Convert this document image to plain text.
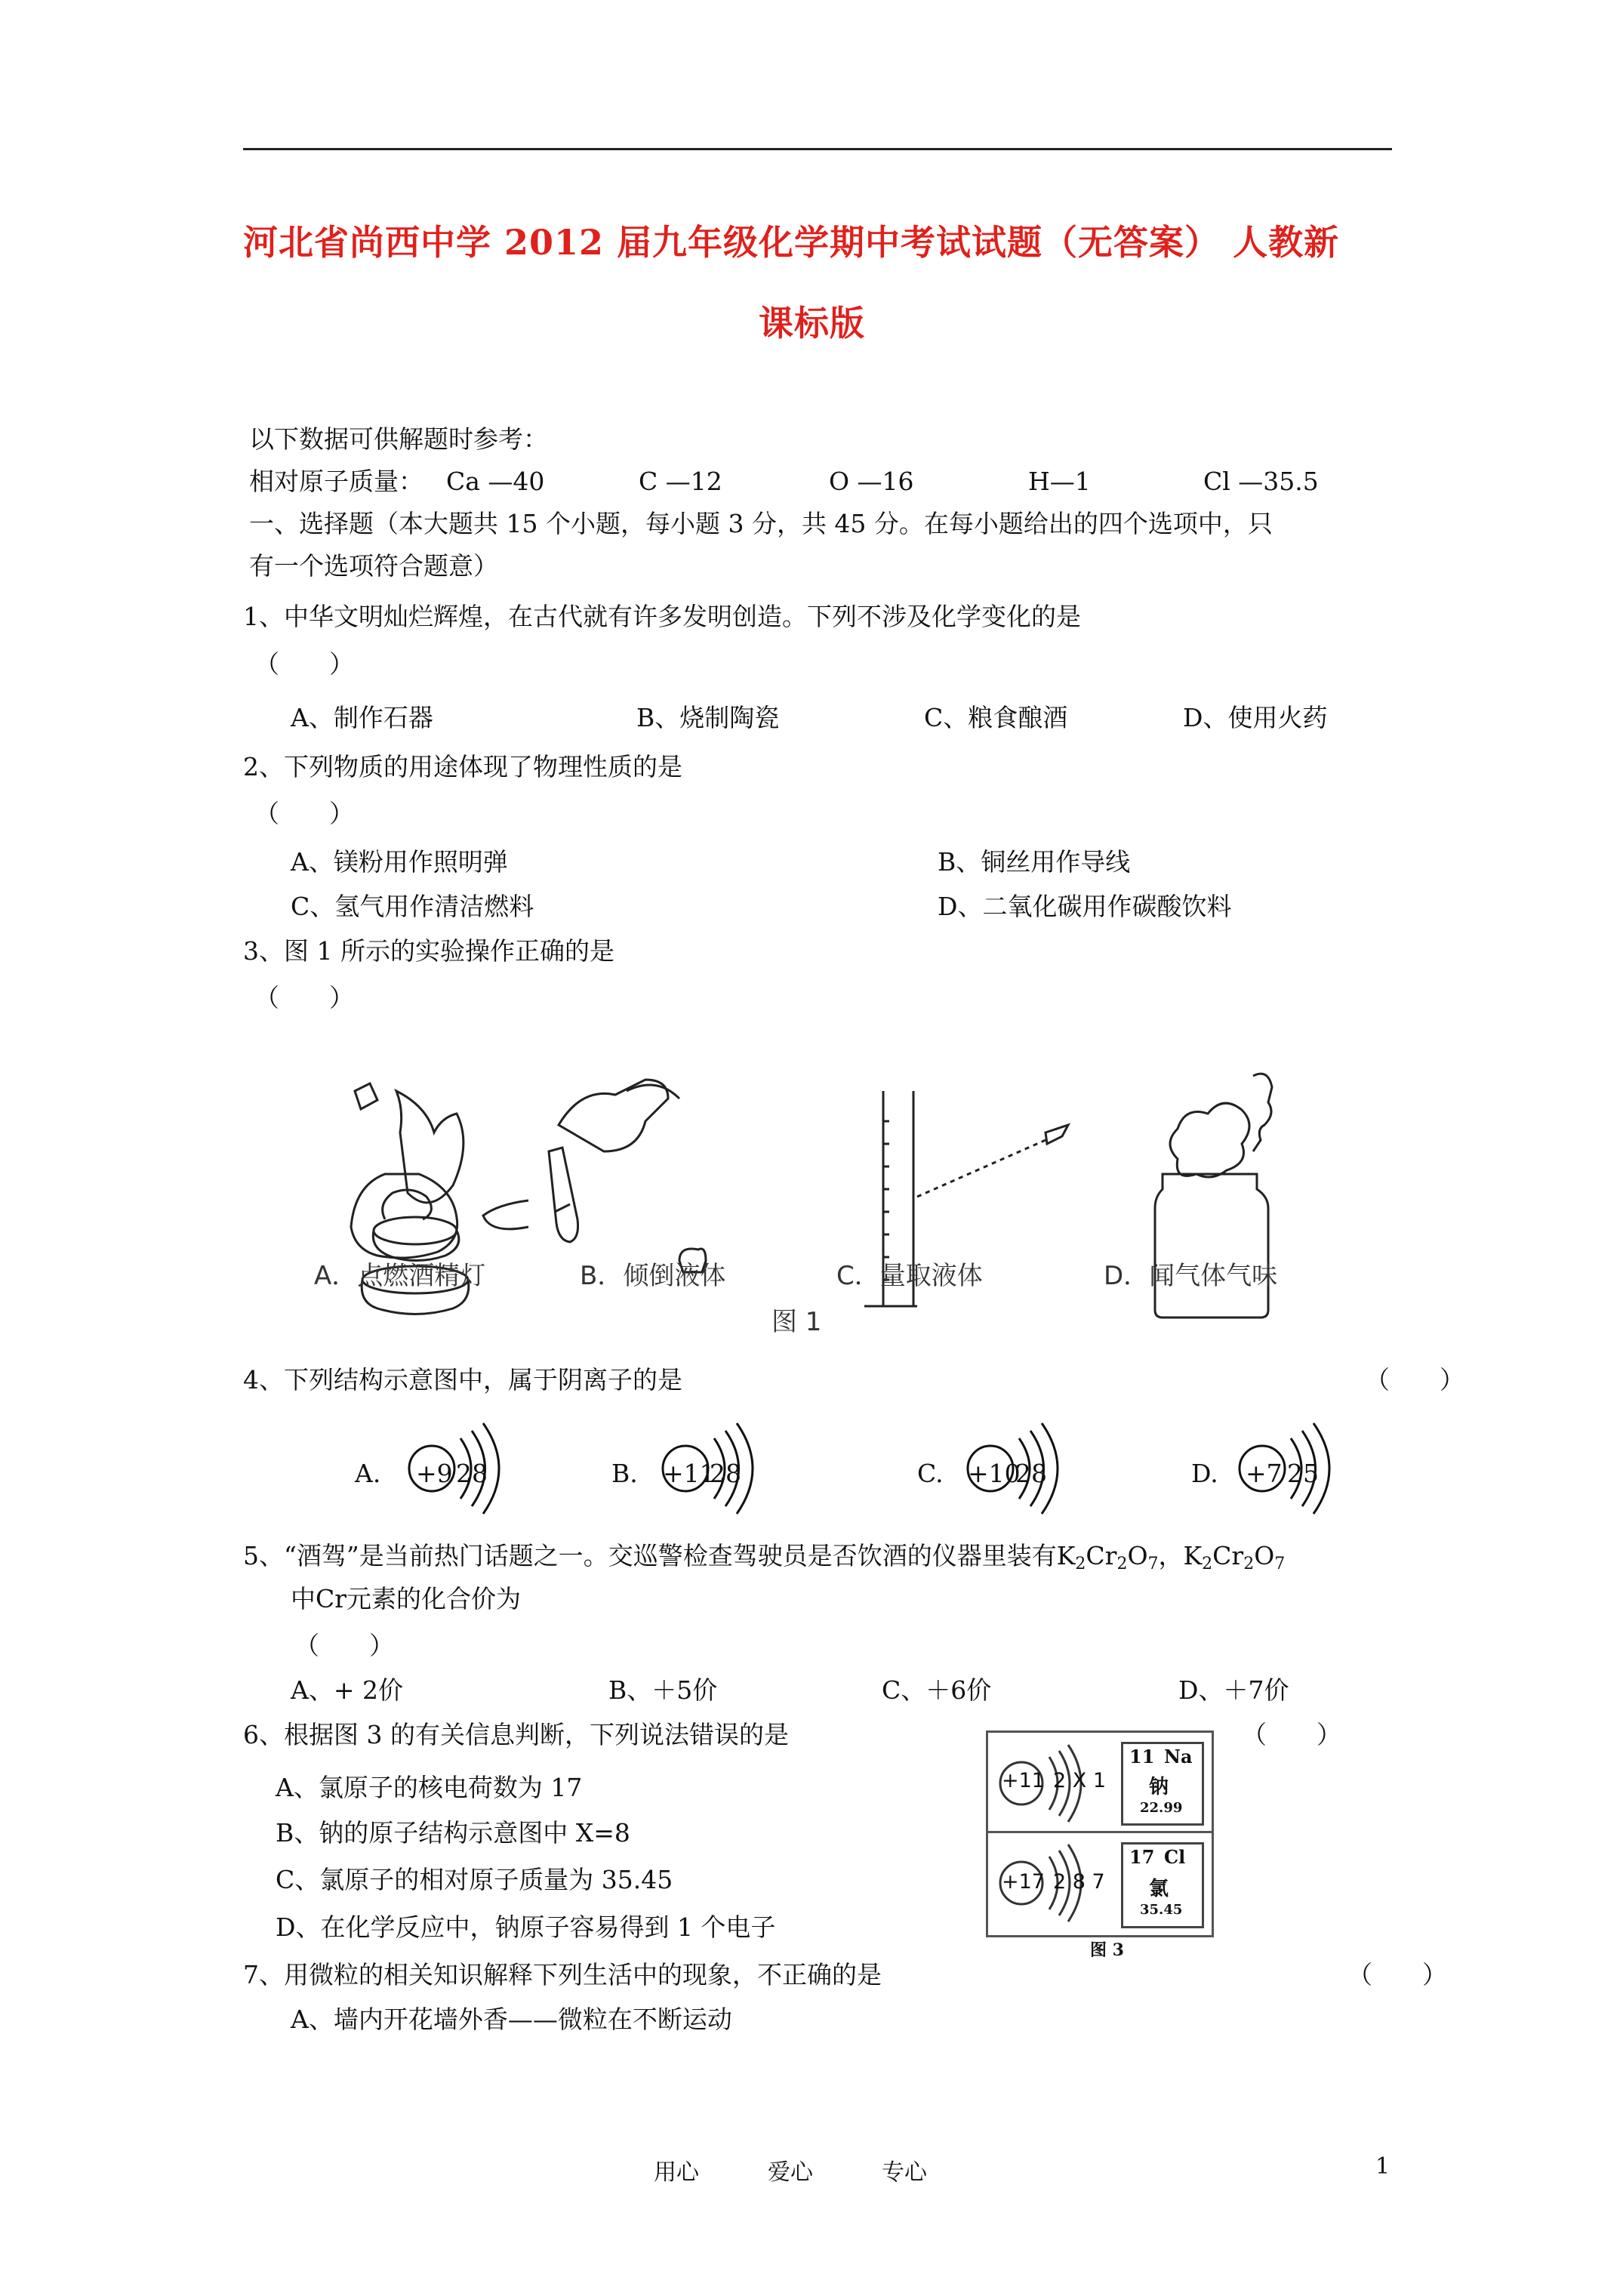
河北省尚西中学 2012 届九年级化学期中考试试题（无答案） 人教新
课标版
以下数据可供解题时参考：
相对原子质量： Ca —40	C —12	O —16	H—1	Cl —35.5
一、选择题（本大题共 15 个小题，每小题 3 分，共 45 分。在每小题给出的四个选项中，只
有一个选项符合题意）
1、中华文明灿烂辉煌，在古代就有许多发明创造。下列不涉及化学变化的是
（　　）
A、制作石器	B、烧制陶瓷	C、粮食酿酒	D、使用火药
2、下列物质的用途体现了物理性质的是
（　　）
A、镁粉用作照明弹	B、铜丝用作导线
C、氢气用作清洁燃料	D、二氧化碳用作碳酸饮料
3、图 1 所示的实验操作正确的是
（　　）
A．点燃酒精灯	B．倾倒液体	C．量取液体	D．闻气体气味
图 1
4、下列结构示意图中，属于阴离子的是	（　　）
A. +9 28	B. +11
28	C. +10
28	D. +7 25
5、“酒驾”是当前热门话题之一。交巡警检查驾驶员是否饮酒的仪器里装有$K_2Cr_2O_7$，$K_2Cr_2O_7$
中Cr元素的化合价为
（　　）
A、+ 2价	B、＋5价	C、＋6价	D、＋7价
6、根据图 3 的有关信息判断，下列说法错误的是	（　　）
A、氯原子的核电荷数为 17
B、钠的原子结构示意图中 X=8
C、氯原子的相对原子质量为 35.45
D、在化学反应中，钠原子容易得到 1 个电子
+11 2 X 1
11 Na
钠
22.99
+17 2 8 7
17 Cl
氯
35.45
图 3
7、用微粒的相关知识解释下列生活中的现象，不正确的是	（　　）
A、墙内开花墙外香——微粒在不断运动
用心	爱心	专心	1
